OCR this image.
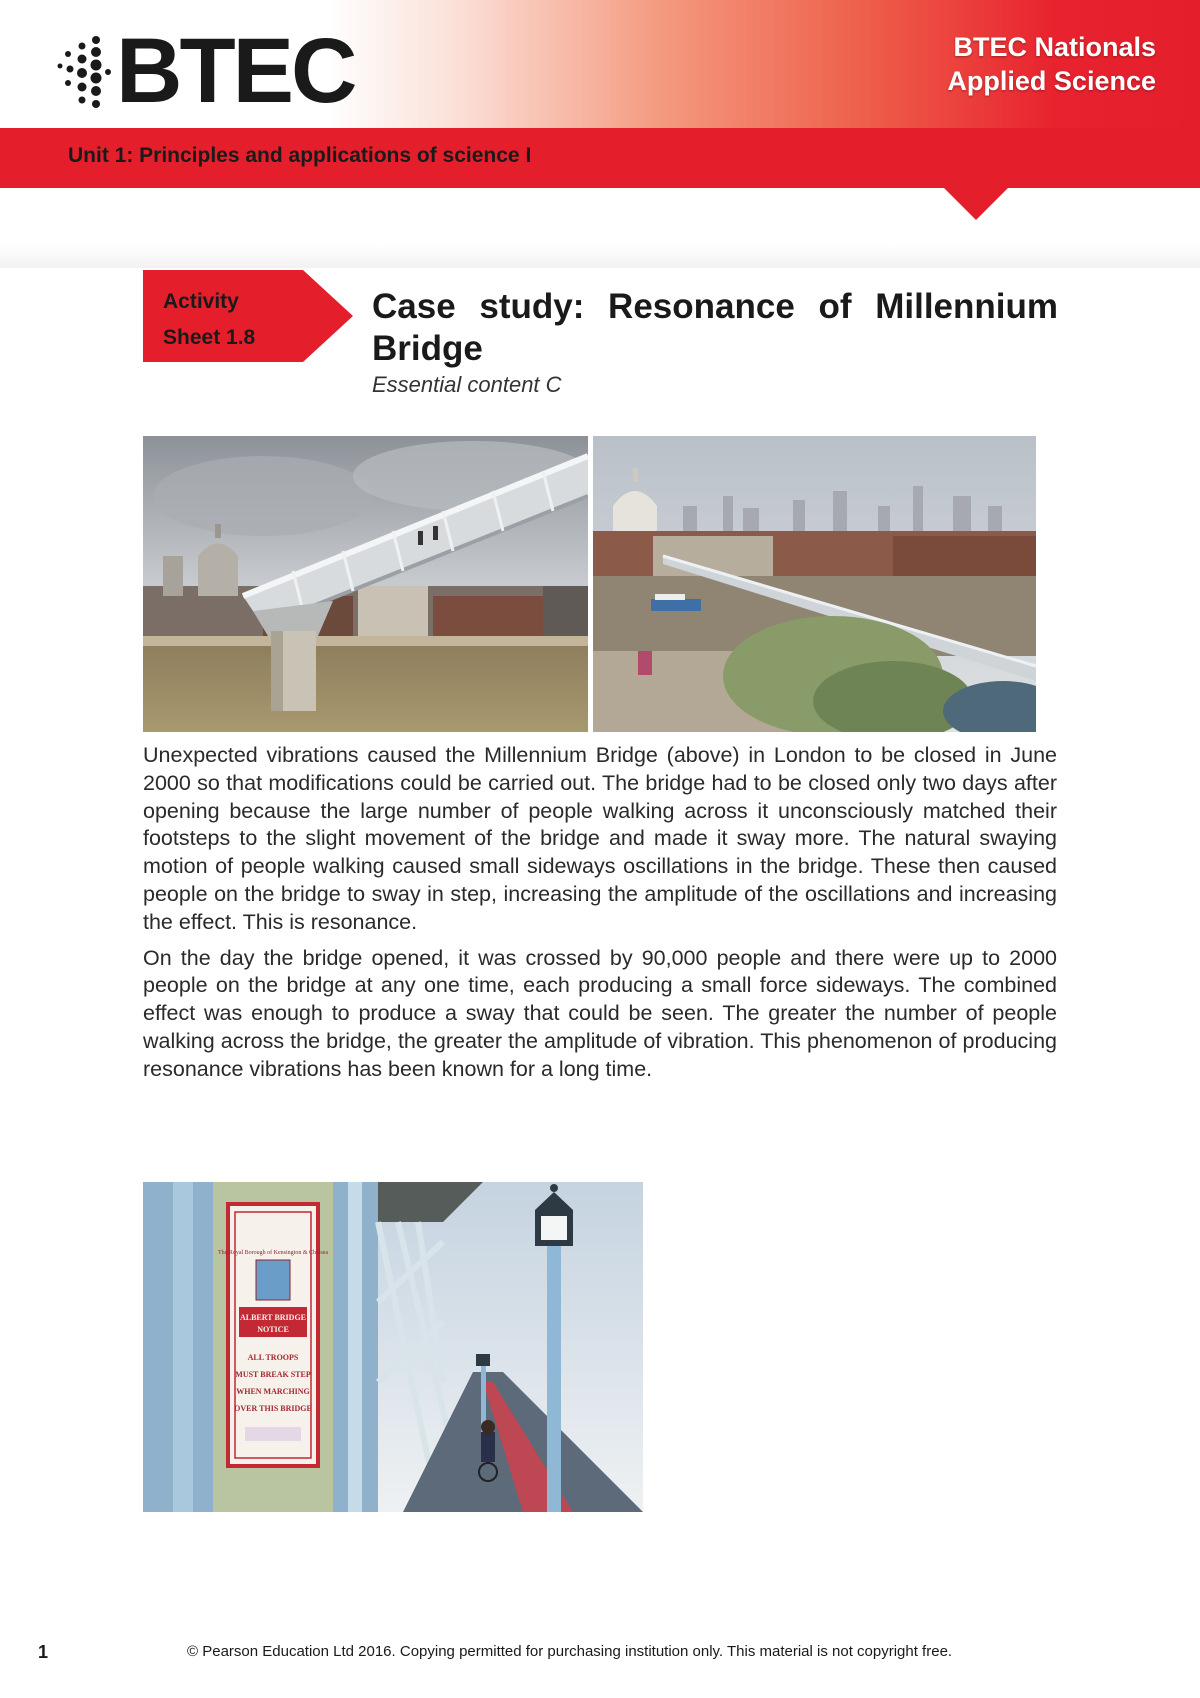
BTEC	BTEC Nationals
Applied Science
Unit 1: Principles and applications of science I
Activity
Sheet 1.8
Case study: Resonance of Millennium Bridge
Essential content C

Unexpected vibrations caused the Millennium Bridge (above) in London to be closed in June 2000 so that modifications could be carried out. The bridge had to be closed only two days after opening because the large number of people walking across it unconsciously matched their footsteps to the slight movement of the bridge and made it sway more. The natural swaying motion of people walking caused small sideways oscillations in the bridge. These then caused people on the bridge to sway in step, increasing the amplitude of the oscillations and increasing the effect. This is resonance.

On the day the bridge opened, it was crossed by 90,000 people and there were up to 2000 people on the bridge at any one time, each producing a small force sideways. The combined effect was enough to produce a sway that could be seen. The greater the number of people walking across the bridge, the greater the amplitude of vibration. This phenomenon of producing resonance vibrations has been known for a long time.

The Royal Borough of Kensington & Chelsea
ALBERT BRIDGE
NOTICE
ALL TROOPS
MUST BREAK STEP
WHEN MARCHING
OVER THIS BRIDGE
1	© Pearson Education Ltd 2016. Copying permitted for purchasing institution only. This material is not copyright free.
